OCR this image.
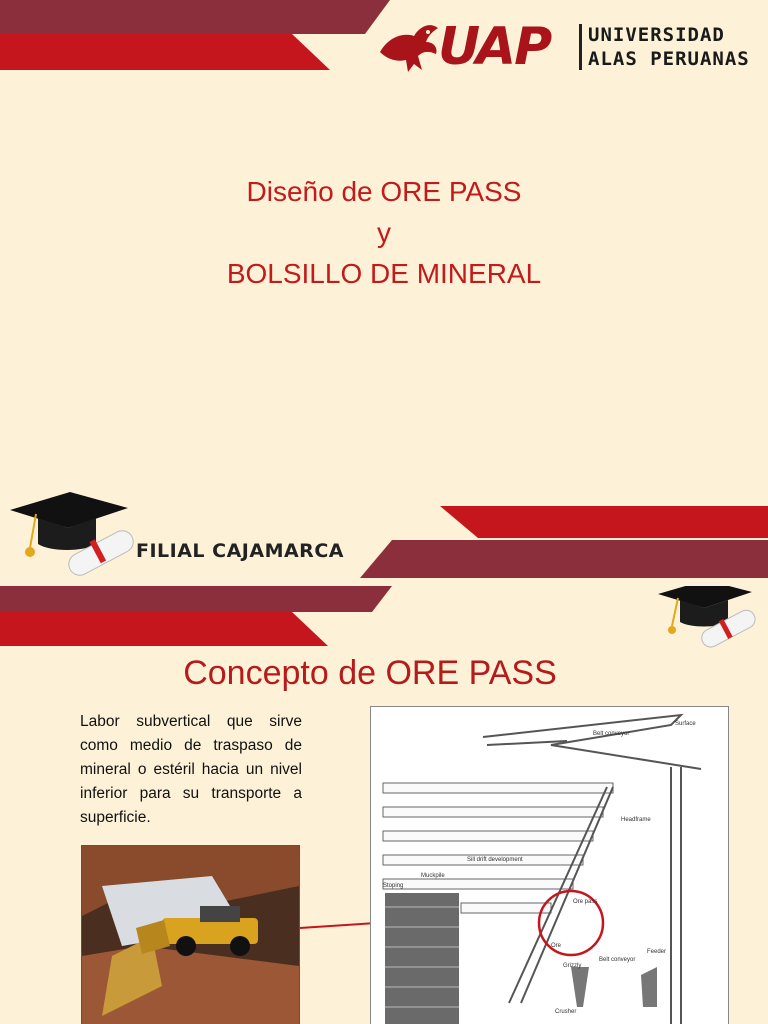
UAP UNIVERSIDAD
ALAS PERUANAS
Diseño de ORE PASS
y
BOLSILLO DE MINERAL
FILIAL CAJAMARCA
Concepto de ORE PASS
Labor subvertical que sirve como medio de traspaso de mineral o estéril hacia un nivel inferior para su transporte a superficie.
Surface
Belt conveyor
Headframe
Sill drift development
Muckpile
Stoping
Ore pass
Ore
Grizzly
Belt conveyor
Feeder
Crusher
